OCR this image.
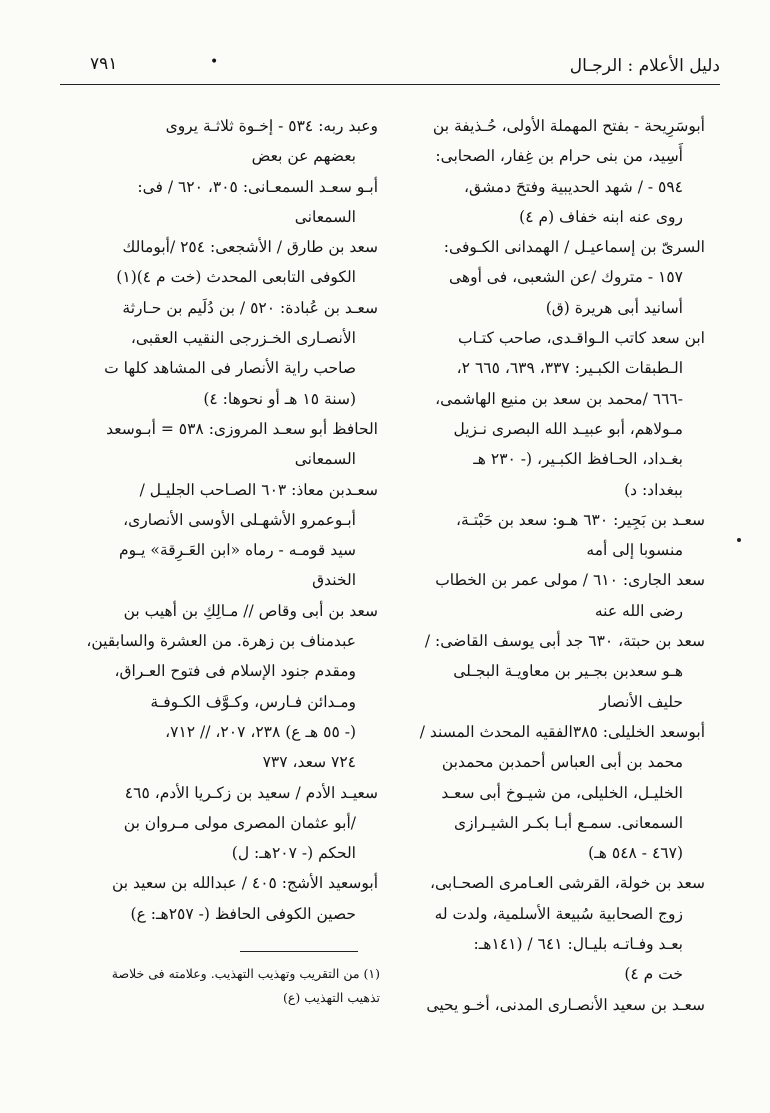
دليل الأعلام : الرجـال
•
٧٩١
أبوسَرِيحة - بفتح المهملة الأولى، حُـذيفة بن
أَسِيد، من بنى حرام بن غِفار، الصحابى:
٥٩٤ - / شهد الحديبية وفتحَ دمشق،
روى عنه ابنه خفاف (م ٤)
السرىّ بن إسماعيـل / الهمدانى الكـوفى:
١٥٧ - متروك /عن الشعبى، فى أوهى
أسانيد أبى هريرة (ق)
ابن سعد كاتب الـواقـدى، صاحب كتـاب
الـطبقات الكبـير: ٣٣٧، ٦٣٩، ٦٦٥ ٢،
-٦٦٦ /محمد بن سعد بن منيع الهاشمى،
مـولاهم، أبو عبيـد الله البصرى نـزيل
بغـداد، الحـافظ الكبـير، (- ٢٣٠ هـ
ببغداد: د)
سعـد بن بَجِير: ٦٣٠ هـو: سعد بن حَبْتـة،
منسوبا إلى أمه
سعد الجارى: ٦١٠ / مولى عمر بن الخطاب
رضى الله عنه
سعد بن حبتة، ٦٣٠ جد أبى يوسف القاضى: /
هـو سعدبن بجـير بن معاويـة البجـلى
حليف الأنصار
أبوسعد الخليلى: ٣٨٥الفقيه المحدث المسند /
محمد بن أبى العباس أحمدبن محمدبن
الخليـل، الخليلى، من شيـوخ أبى سعـد
السمعانى. سمـع أبـا بكـر الشيـرازى
(٤٦٧ - ٥٤٨ هـ)
سعد بن خولة، القرشى العـامرى الصحـابى،
زوج الصحابية سُبيعة الأسلمية، ولدت له
بعـد وفـاتـه بليـال: ٦٤١ / (١٤١هـ:
خت م ٤)
سعـد بن سعيد الأنصـارى المدنى، أخـو يحيى
وعبد ربه: ٥٣٤ - إخـوة ثلاثـة يروى
بعضهم عن بعض
أبـو سعـد السمعـانى: ٣٠٥، ٦٢٠ / فى:
السمعانى
سعد بن طارق / الأشجعى: ٢٥٤ /أبومالك
الكوفى التابعى المحدث (خت م ٤)(١)
سعـد بن عُبادة: ٥٢٠ / بن دُلَيم بن حـارثة
الأنصـارى الخـزرجى النقيب العقبى،
صاحب راية الأنصار فى المشاهد كلها ت
(سنة ١٥ هـ أو نحوها: ٤)
الحافظ أبو سعـد المروزى: ٥٣٨ = أبـوسعد
السمعانى
سعـدبن معاذ: ٦٠٣ الصـاحب الجليـل /
أبـوعمرو الأشهـلى الأوسى الأنصارى،
سيد قومـه - رماه «ابن العَـرِقة» يـوم
الخندق
سعد بن أبى وقاص // مـالِكِ بن أهيب بن
عبدمناف بن زهرة. من العشرة والسابقين،
ومقدم جنود الإسلام فى فتوح العـراق،
ومـدائن فـارس، وكـوَّف الكـوفـة
(- ٥٥ هـ ع) ٢٣٨، ٢٠٧، // ٧١٢،
٧٢٤ سعد، ٧٣٧
سعيـد الأدم / سعيد بن زكـريا الأدم، ٤٦٥
/أبو عثمان المصرى مولى مـروان بن
الحكم (- ٢٠٧هـ: ل)
أبوسعيد الأشج: ٤٠٥ / عبدالله بن سعيد بن
حصين الكوفى الحافظ (- ٢٥٧هـ: ع)
(١) من التقريب وتهذيب التهذيب. وعلامته فى خلاصة
تذهيب التهذيب (ع)
